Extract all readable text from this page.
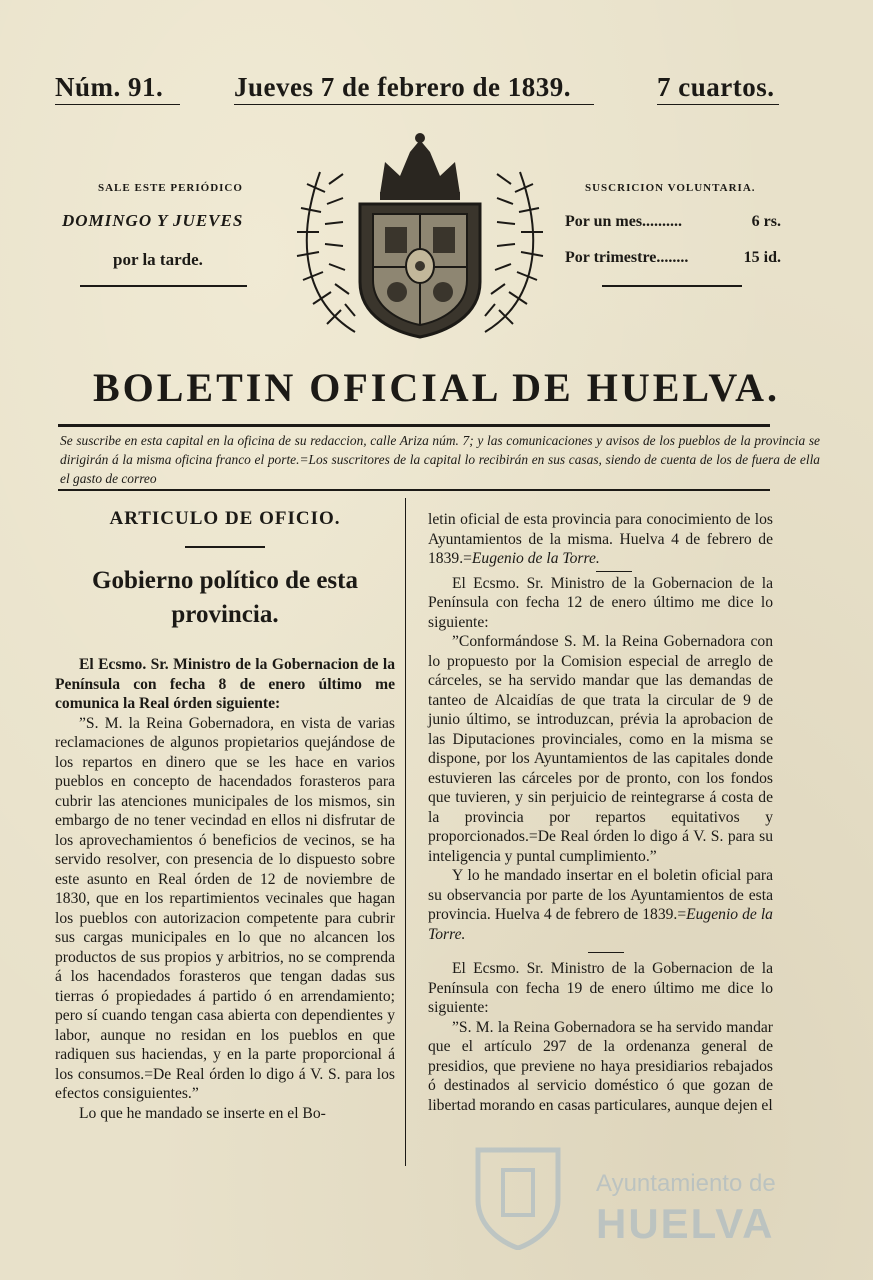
Núm. 91.	Jueves 7 de febrero de 1839.	7 cuartos.
SALE ESTE PERIÓDICO
DOMINGO Y JUEVES
por la tarde.
SUSCRICION VOLUNTARIA.
Por un mes..........	6 rs.
Por trimestre........	15 id.
BOLETIN OFICIAL DE HUELVA.
Se suscribe en esta capital en la oficina de su redaccion, calle Ariza núm. 7; y las comunicaciones y avisos de los pueblos de la provincia se dirigirán á la misma oficina franco el porte.=Los suscritores de la capital lo recibirán en sus casas, siendo de cuenta de los de fuera de ella el gasto de correo
ARTICULO DE OFICIO.
Gobierno político de esta provincia.

El Ecsmo. Sr. Ministro de la Gobernacion de la Península con fecha 8 de enero último me comunica la Real órden siguiente:

”S. M. la Reina Gobernadora, en vista de varias reclamaciones de algunos propietarios quejándose de los repartos en dinero que se les hace en varios pueblos en concepto de hacendados forasteros para cubrir las atenciones municipales de los mismos, sin embargo de no tener vecindad en ellos ni disfrutar de los aprovechamientos ó beneficios de vecinos, se ha servido resolver, con presencia de lo dispuesto sobre este asunto en Real órden de 12 de noviembre de 1830, que en los repartimientos vecinales que hagan los pueblos con autorizacion competente para cubrir sus cargas municipales en lo que no alcancen los productos de sus propios y arbitrios, no se comprenda á los hacendados forasteros que tengan dadas sus tierras ó propiedades á partido ó en arrendamiento; pero sí cuando tengan casa abierta con dependientes y labor, aunque no residan en los pueblos en que radiquen sus haciendas, y en la parte proporcional á los consumos.=De Real órden lo digo á V. S. para los efectos consiguientes.”

Lo que he mandado se inserte en el Bo-

letin oficial de esta provincia para conocimiento de los Ayuntamientos de la misma. Huelva 4 de febrero de 1839.=Eugenio de la Torre.

El Ecsmo. Sr. Ministro de la Gobernacion de la Península con fecha 12 de enero último me dice lo siguiente:

”Conformándose S. M. la Reina Gobernadora con lo propuesto por la Comision especial de arreglo de cárceles, se ha servido mandar que las demandas de tanteo de Alcaidías de que trata la circular de 9 de junio último, se introduzcan, prévia la aprobacion de las Diputaciones provinciales, como en la misma se dispone, por los Ayuntamientos de las capitales donde estuvieren las cárceles por de pronto, con los fondos que tuvieren, y sin perjuicio de reintegrarse á costa de la provincia por repartos equitativos y proporcionados.=De Real órden lo digo á V. S. para su inteligencia y puntal cumplimiento.”

Y lo he mandado insertar en el boletin oficial para su observancia por parte de los Ayuntamientos de esta provincia. Huelva 4 de febrero de 1839.=Eugenio de la Torre.

El Ecsmo. Sr. Ministro de la Gobernacion de la Península con fecha 19 de enero último me dice lo siguiente:

”S. M. la Reina Gobernadora se ha servido mandar que el artículo 297 de la ordenanza general de presidios, que previene no haya presidiarios rebajados ó destinados al servicio doméstico ó que gozan de libertad morando en casas particulares, aunque dejen el

Ayuntamiento de
HUELVA
